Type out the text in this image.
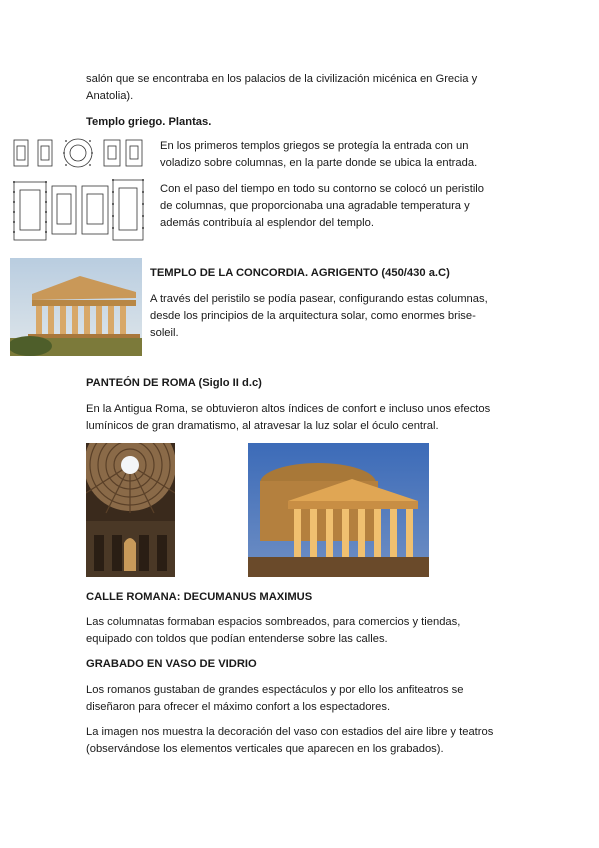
salón que se encontraba en los palacios de la civilización micénica en Grecia y

Anatolia).

Templo griego. Plantas.

En los primeros templos griegos se protegía la entrada con un

voladizo sobre columnas, en la parte donde se ubica la entrada.

Con el paso del tiempo en todo su contorno se colocó un peristilo

de columnas, que proporcionaba una agradable temperatura y

además contribuía al esplendor del templo.

TEMPLO DE LA CONCORDIA. AGRIGENTO (450/430 a.C)

A través del peristilo se podía pasear, configurando estas columnas,

desde los principios de la arquitectura solar, como enormes brise-

soleil.

PANTEÓN DE ROMA (Siglo II d.c)

En la Antigua Roma, se obtuvieron altos índices de confort e incluso unos efectos

lumínicos de gran dramatismo, al atravesar la luz solar el óculo central.

CALLE ROMANA: DECUMANUS MAXIMUS

Las columnatas formaban espacios sombreados, para comercios y tiendas,

equipado con toldos que podían entenderse sobre las calles.

GRABADO EN VASO DE VIDRIO

Los romanos gustaban de grandes espectáculos y por ello los anfiteatros se

diseñaron para ofrecer el máximo confort a los espectadores.

La imagen nos muestra la decoración del vaso con estadios del aire libre y teatros

(observándose los elementos verticales que aparecen en los grabados).
